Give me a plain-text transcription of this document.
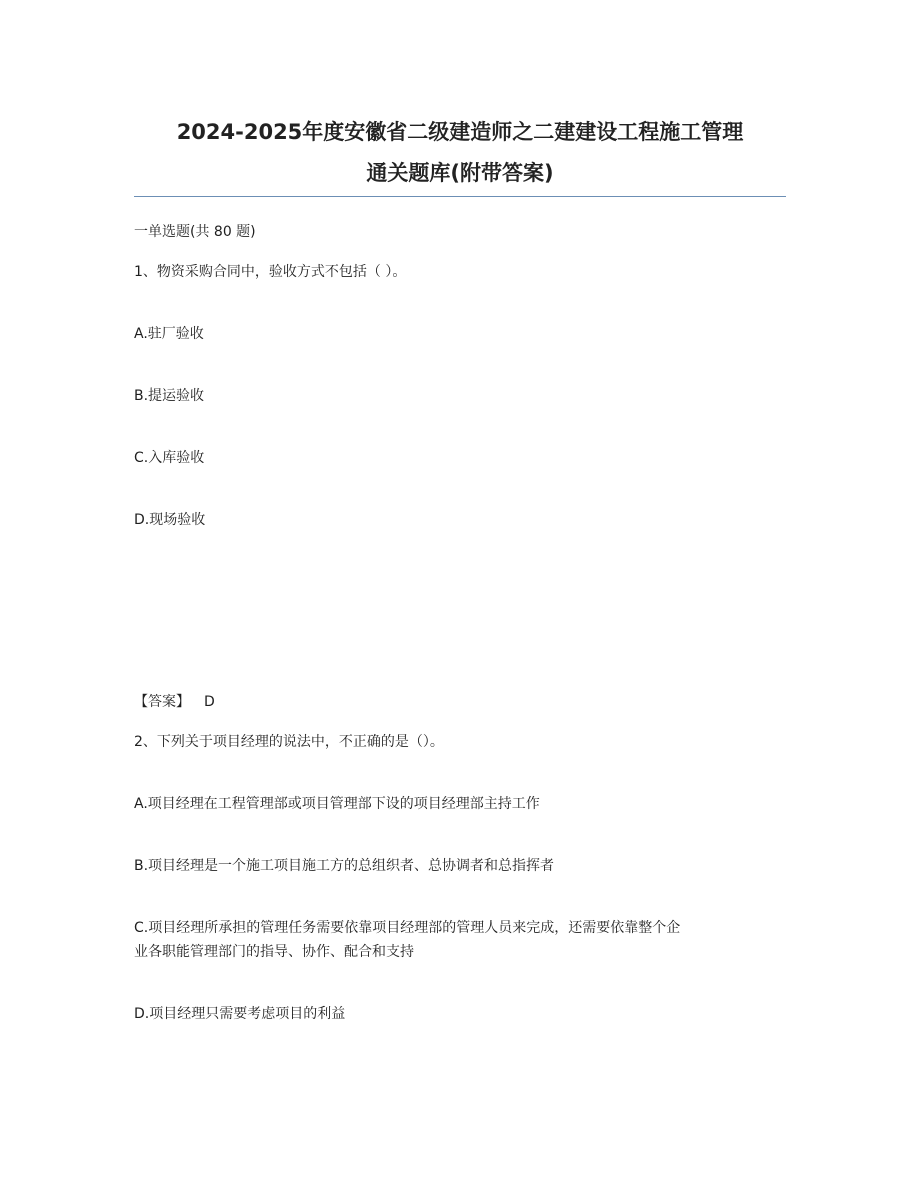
2024-2025年度安徽省二级建造师之二建建设工程施工管理
通关题库(附带答案)
一单选题(共 80 题)
1、物资采购合同中，验收方式不包括（ ）。
A.驻厂验收
B.提运验收
C.入库验收
D.现场验收
【答案】 D
2、下列关于项目经理的说法中，不正确的是（）。
A.项目经理在工程管理部或项目管理部下设的项目经理部主持工作
B.项目经理是一个施工项目施工方的总组织者、总协调者和总指挥者
C.项目经理所承担的管理任务需要依靠项目经理部的管理人员来完成，还需要依靠整个企
业各职能管理部门的指导、协作、配合和支持
D.项目经理只需要考虑项目的利益
